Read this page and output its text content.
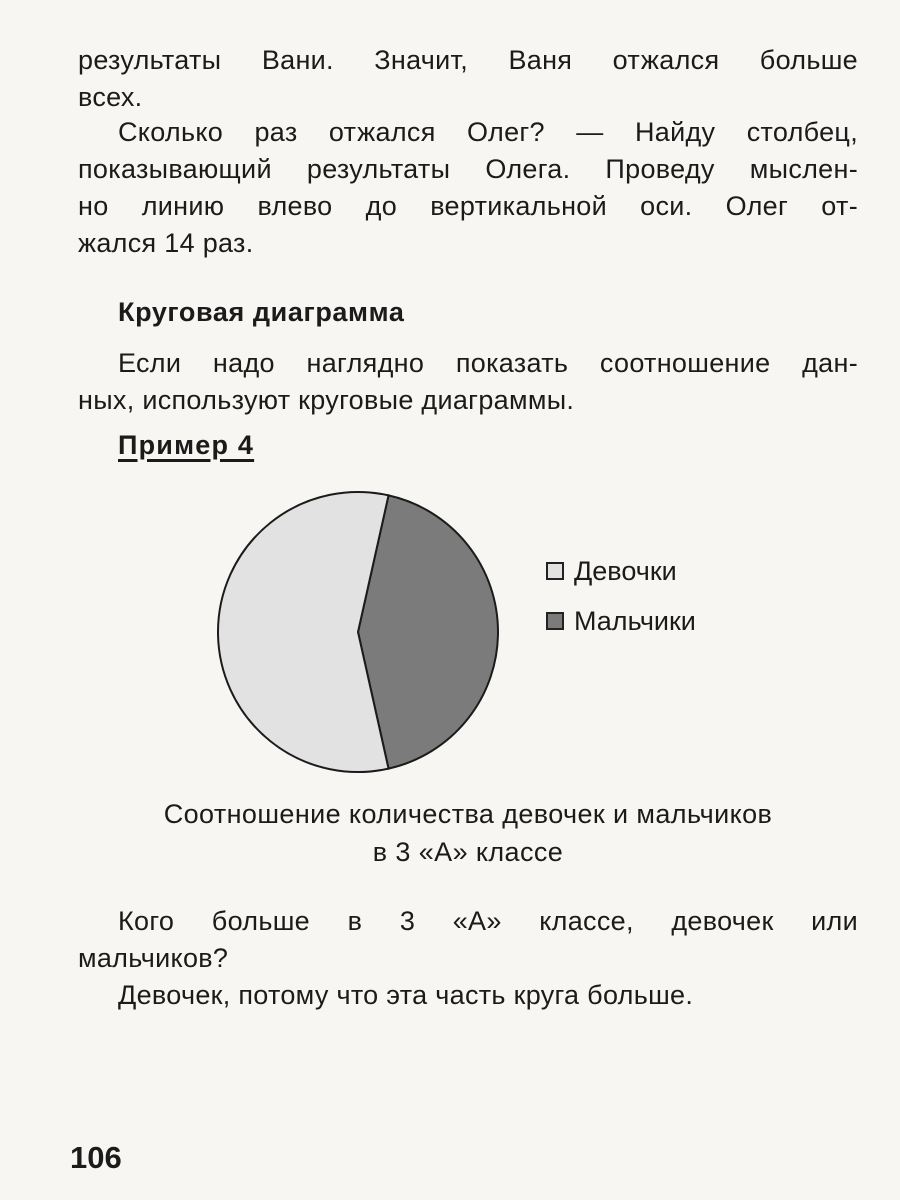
результаты Вани. Значит, Ваня отжался больше
всех.

Сколько раз отжался Олег? — Найду столбец,
показывающий результаты Олега. Проведу мыслен-
но линию влево до вертикальной оси. Олег от-
жался 14 раз.

Круговая диаграмма

Если надо наглядно показать соотношение дан-
ных, используют круговые диаграммы.

Пример 4
Девочки
Мальчики
Соотношение количества девочек и мальчиков
в 3 «А» классе

Кого больше в 3 «А» классе, девочек или
мальчиков?

Девочек, потому что эта часть круга больше.

106
